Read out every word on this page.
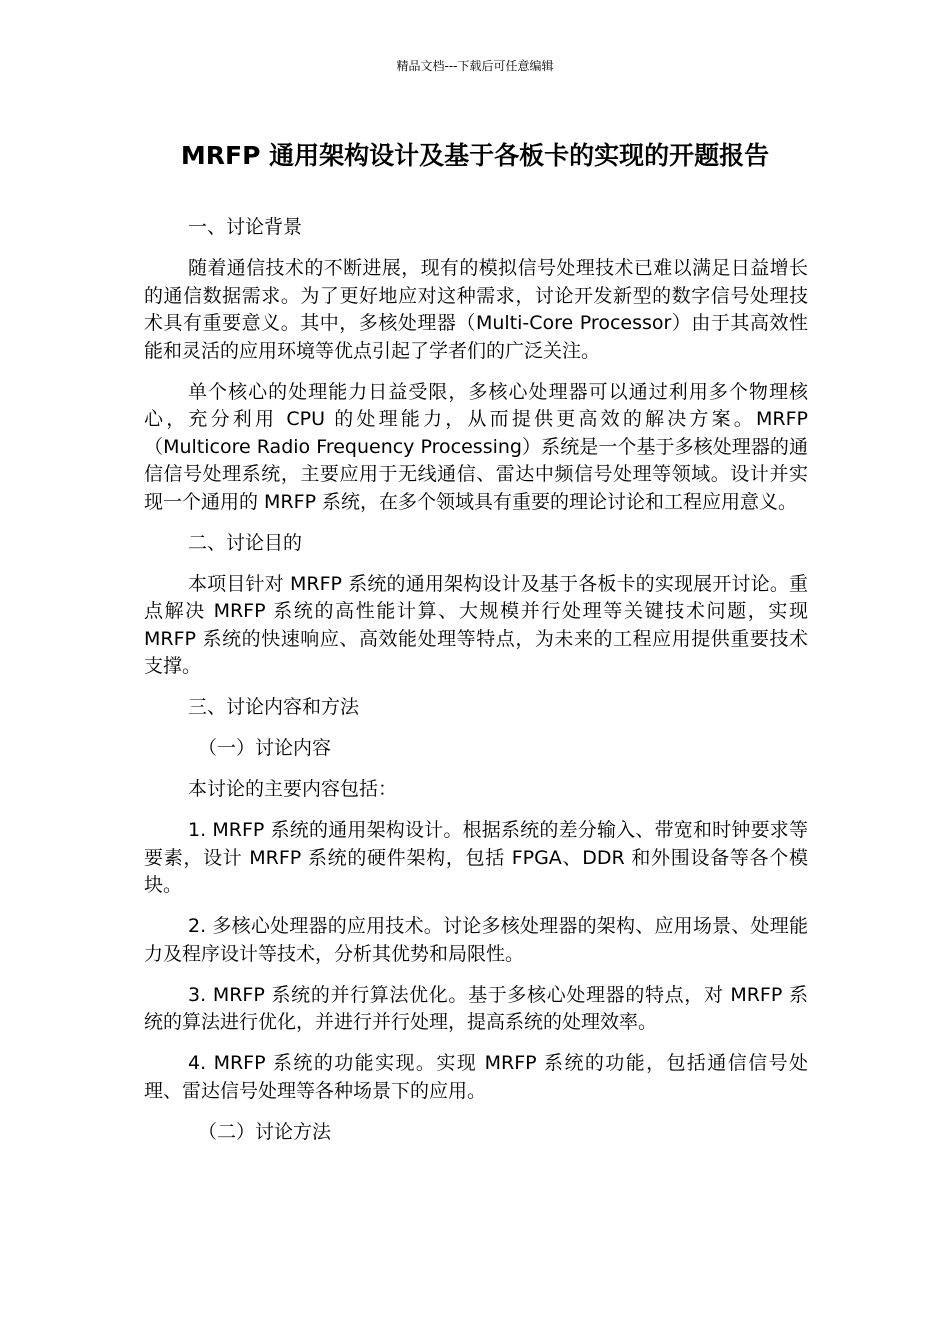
精品文档---下载后可任意编辑
MRFP 通用架构设计及基于各板卡的实现的开题报告

一、讨论背景

随着通信技术的不断进展，现有的模拟信号处理技术已难以满足日益增长的通信数据需求。为了更好地应对这种需求，讨论开发新型的数字信号处理技术具有重要意义。其中，多核处理器（Multi-Core Processor）由于其高效性能和灵活的应用环境等优点引起了学者们的广泛关注。

单个核心的处理能力日益受限，多核心处理器可以通过利用多个物理核心，充分利用 CPU 的处理能力，从而提供更高效的解决方案。MRFP（Multicore Radio Frequency Processing）系统是一个基于多核处理器的通信信号处理系统，主要应用于无线通信、雷达中频信号处理等领域。设计并实现一个通用的 MRFP 系统，在多个领域具有重要的理论讨论和工程应用意义。

二、讨论目的

本项目针对 MRFP 系统的通用架构设计及基于各板卡的实现展开讨论。重点解决 MRFP 系统的高性能计算、大规模并行处理等关键技术问题，实现 MRFP 系统的快速响应、高效能处理等特点，为未来的工程应用提供重要技术支撑。

三、讨论内容和方法

（一）讨论内容

本讨论的主要内容包括：

1. MRFP 系统的通用架构设计。根据系统的差分输入、带宽和时钟要求等要素，设计 MRFP 系统的硬件架构，包括 FPGA、DDR 和外围设备等各个模块。

2. 多核心处理器的应用技术。讨论多核处理器的架构、应用场景、处理能力及程序设计等技术，分析其优势和局限性。

3. MRFP 系统的并行算法优化。基于多核心处理器的特点，对 MRFP 系统的算法进行优化，并进行并行处理，提高系统的处理效率。

4. MRFP 系统的功能实现。实现 MRFP 系统的功能，包括通信信号处理、雷达信号处理等各种场景下的应用。

（二）讨论方法
